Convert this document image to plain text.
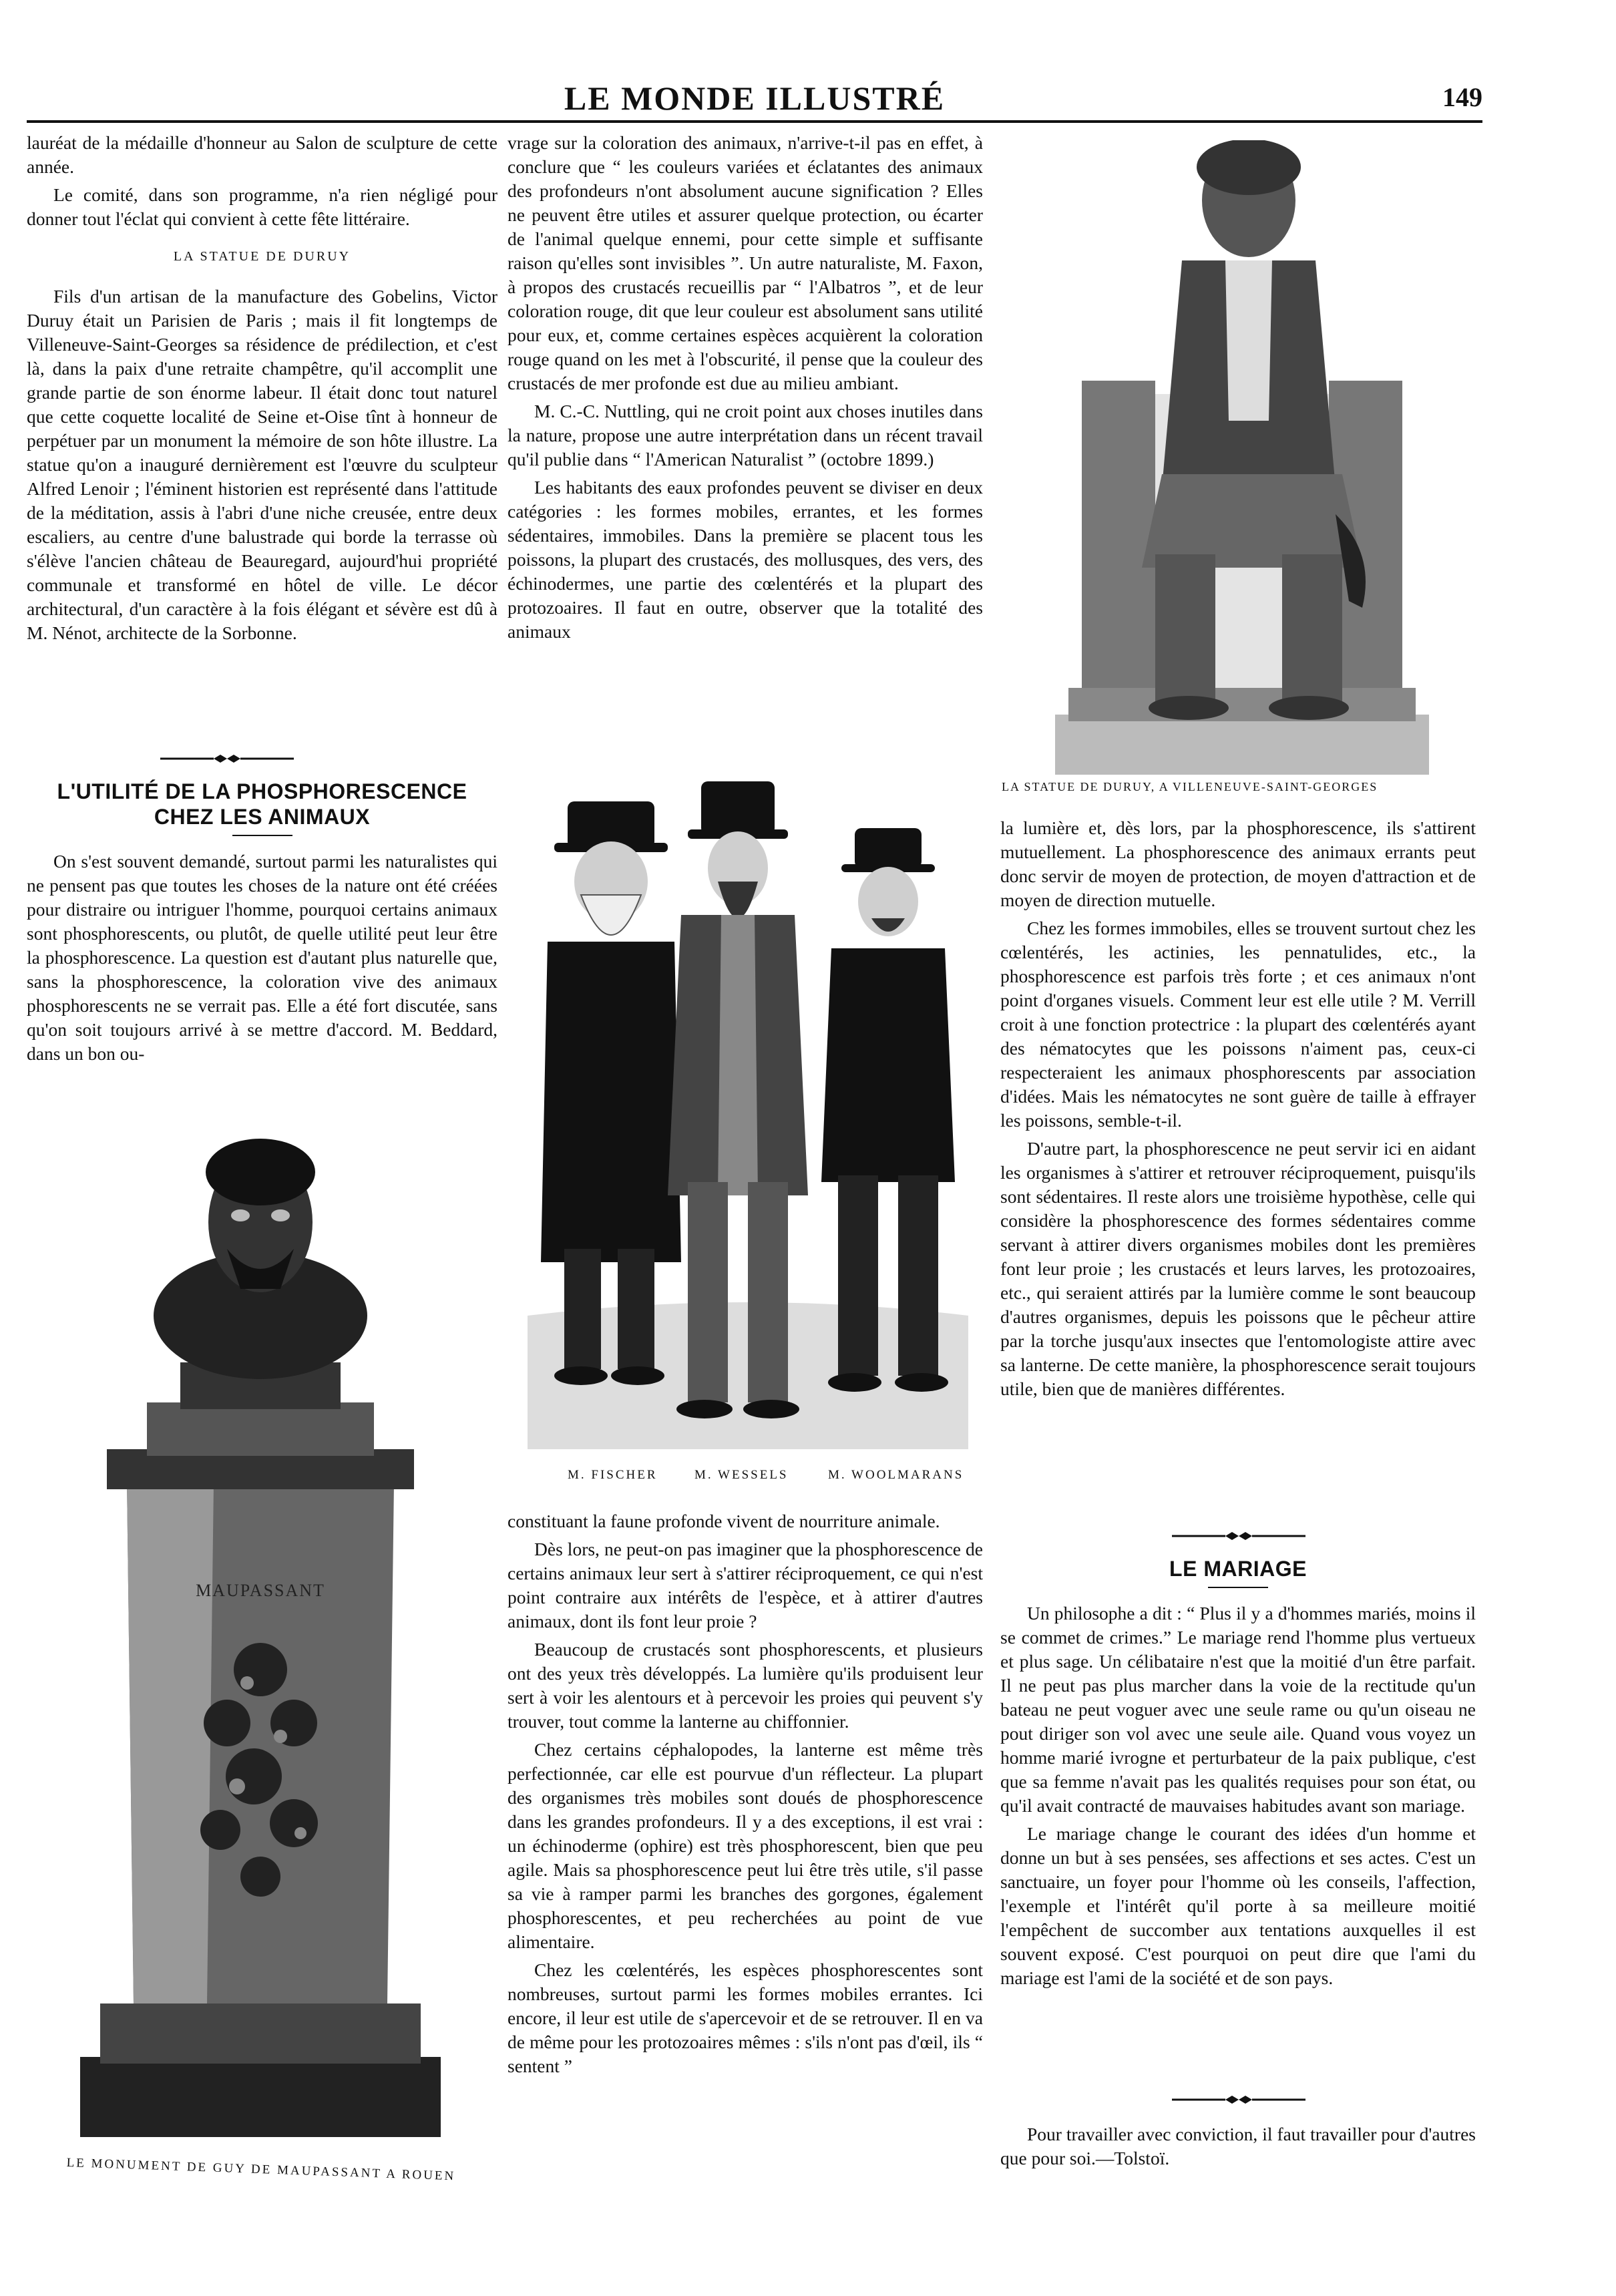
LE MONDE ILLUSTRÉ	149

lauréat de la médaille d'honneur au Salon de sculpture de cette année.

Le comité, dans son programme, n'a rien négligé pour donner tout l'éclat qui convient à cette fête littéraire.

LA STATUE DE DURUY

Fils d'un artisan de la manufacture des Gobelins, Victor Duruy était un Parisien de Paris ; mais il fit longtemps de Villeneuve-Saint-Georges sa résidence de prédilection, et c'est là, dans la paix d'une retraite champêtre, qu'il accomplit une grande partie de son énorme labeur. Il était donc tout naturel que cette coquette localité de Seine et-Oise tînt à honneur de perpétuer par un monument la mémoire de son hôte illustre. La statue qu'on a inauguré dernièrement est l'œuvre du sculpteur Alfred Lenoir ; l'éminent historien est représenté dans l'attitude de la méditation, assis à l'abri d'une niche creusée, entre deux escaliers, au centre d'une balustrade qui borde la terrasse où s'élève l'ancien château de Beauregard, aujourd'hui propriété communale et transformé en hôtel de ville. Le décor architectural, d'un caractère à la fois élégant et sévère est dû à M. Nénot, architecte de la Sorbonne.

L'UTILITÉ DE LA PHOSPHORESCENCE
CHEZ LES ANIMAUX

On s'est souvent demandé, surtout parmi les naturalistes qui ne pensent pas que toutes les choses de la nature ont été créées pour distraire ou intriguer l'homme, pourquoi certains animaux sont phosphorescents, ou plutôt, de quelle utilité peut leur être la phosphorescence. La question est d'autant plus naturelle que, sans la phosphorescence, la coloration vive des animaux phosphorescents ne se verrait pas. Elle a été fort discutée, sans qu'on soit toujours arrivé à se mettre d'accord. M. Beddard, dans un bon ou-

MAUPASSANT
LE MONUMENT DE GUY DE MAUPASSANT A ROUEN

vrage sur la coloration des animaux, n'arrive-t-il pas en effet, à conclure que “ les couleurs variées et éclatantes des animaux des profondeurs n'ont absolument aucune signification ? Elles ne peuvent être utiles et assurer quelque protection, ou écarter de l'animal quelque ennemi, pour cette simple et suffisante raison qu'elles sont invisibles ”. Un autre naturaliste, M. Faxon, à propos des crustacés recueillis par “ l'Albatros ”, et de leur coloration rouge, dit que leur couleur est absolument sans utilité pour eux, et, comme certaines espèces acquièrent la coloration rouge quand on les met à l'obscurité, il pense que la couleur des crustacés de mer profonde est due au milieu ambiant.

M. C.-C. Nuttling, qui ne croit point aux choses inutiles dans la nature, propose une autre interprétation dans un récent travail qu'il publie dans “ l'American Naturalist ” (octobre 1899.)

Les habitants des eaux profondes peuvent se diviser en deux catégories : les formes mobiles, errantes, et les formes sédentaires, immobiles. Dans la première se placent tous les poissons, la plupart des crustacés, des mollusques, des vers, des échinodermes, une partie des cœlentérés et la plupart des protozoaires. Il faut en outre, observer que la totalité des animaux

M. FISCHER	M. WESSELS	M. WOOLMARANS

constituant la faune profonde vivent de nourriture animale.

Dès lors, ne peut-on pas imaginer que la phosphorescence de certains animaux leur sert à s'attirer réciproquement, ce qui n'est point contraire aux intérêts de l'espèce, et à attirer d'autres animaux, dont ils font leur proie ?

Beaucoup de crustacés sont phosphorescents, et plusieurs ont des yeux très développés. La lumière qu'ils produisent leur sert à voir les alentours et à percevoir les proies qui peuvent s'y trouver, tout comme la lanterne au chiffonnier.

Chez certains céphalopodes, la lanterne est même très perfectionnée, car elle est pourvue d'un réflecteur. La plupart des organismes très mobiles sont doués de phosphorescence dans les grandes profondeurs. Il y a des exceptions, il est vrai : un échinoderme (ophire) est très phosphorescent, bien que peu agile. Mais sa phosphorescence peut lui être très utile, s'il passe sa vie à ramper parmi les branches des gorgones, également phosphorescentes, et peu recherchées au point de vue alimentaire.

Chez les cœlentérés, les espèces phosphorescentes sont nombreuses, surtout parmi les formes mobiles errantes. Ici encore, il leur est utile de s'apercevoir et de se retrouver. Il en va de même pour les protozoaires mêmes : s'ils n'ont pas d'œil, ils “ sentent ”

LA STATUE DE DURUY, A VILLENEUVE-SAINT-GEORGES

la lumière et, dès lors, par la phosphorescence, ils s'attirent mutuellement. La phosphorescence des animaux errants peut donc servir de moyen de protection, de moyen d'attraction et de moyen de direction mutuelle.

Chez les formes immobiles, elles se trouvent surtout chez les cœlentérés, les actinies, les pennatulides, etc., la phosphorescence est parfois très forte ; et ces animaux n'ont point d'organes visuels. Comment leur est elle utile ? M. Verrill croit à une fonction protectrice : la plupart des cœlentérés ayant des nématocytes que les poissons n'aiment pas, ceux-ci respecteraient les animaux phosphorescents par association d'idées. Mais les nématocytes ne sont guère de taille à effrayer les poissons, semble-t-il.

D'autre part, la phosphorescence ne peut servir ici en aidant les organismes à s'attirer et retrouver réciproquement, puisqu'ils sont sédentaires. Il reste alors une troisième hypothèse, celle qui considère la phosphorescence des formes sédentaires comme servant à attirer divers organismes mobiles dont les premières font leur proie ; les crustacés et leurs larves, les protozoaires, etc., qui seraient attirés par la lumière comme le sont beaucoup d'autres organismes, depuis les poissons que le pêcheur attire par la torche jusqu'aux insectes que l'entomologiste attire avec sa lanterne. De cette manière, la phosphorescence serait toujours utile, bien que de manières différentes.

LE MARIAGE

Un philosophe a dit : “ Plus il y a d'hommes mariés, moins il se commet de crimes.” Le mariage rend l'homme plus vertueux et plus sage. Un célibataire n'est que la moitié d'un être parfait. Il ne peut pas plus marcher dans la voie de la rectitude qu'un bateau ne peut voguer avec une seule rame ou qu'un oiseau ne pout diriger son vol avec une seule aile. Quand vous voyez un homme marié ivrogne et perturbateur de la paix publique, c'est que sa femme n'avait pas les qualités requises pour son état, ou qu'il avait contracté de mauvaises habitudes avant son mariage.

Le mariage change le courant des idées d'un homme et donne un but à ses pensées, ses affections et ses actes. C'est un sanctuaire, un foyer pour l'homme où les conseils, l'affection, l'exemple et l'intérêt qu'il porte à sa meilleure moitié l'empêchent de succomber aux tentations auxquelles il est souvent exposé. C'est pourquoi on peut dire que l'ami du mariage est l'ami de la société et de son pays.

Pour travailler avec conviction, il faut travailler pour d'autres que pour soi.—Tolstoï.
